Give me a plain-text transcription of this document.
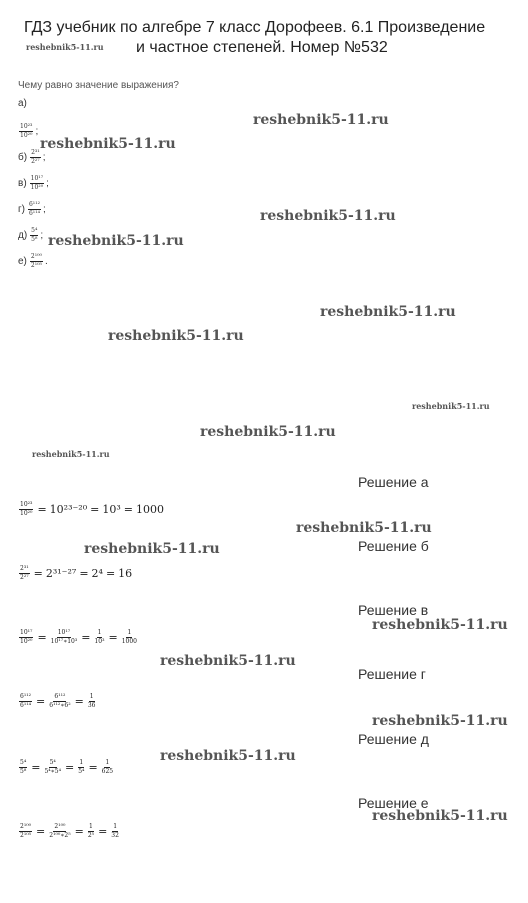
ГДЗ учебник по алгебре 7 класс Дорофеев. 6.1 Произведение
и частное степеней. Номер №532
Чему равно значение выражения?
а)
$\frac{\text{10²³}}{\text{10²⁰}}$ ;
$б) \frac{\text{2³¹}}{\text{2²⁷}}$ ;
$в) \frac{\text{10¹⁷}}{\text{10²⁰}}$ ;
$г) \frac{\text{6¹¹²}}{\text{6¹¹⁴}}$ ;
$д) \frac{\text{5⁴}}{\text{5⁸}}$ ;
$е) \frac{\text{2¹⁰⁰}}{\text{2¹⁰⁵}}$ .
Решение а
$\frac{\text{10²³}}{\text{10²⁰}} = 10^{23-20} = 10^3 = 1000$
Решение б
$\frac{\text{2³¹}}{\text{2²⁷}} = 2^{31-27} = 2^4 = 16$
Решение в
$\frac{\text{10¹⁷}}{\text{10²⁰}} = \frac{\text{10¹⁷}}{\text{10¹⁷∗10³}} = \frac{1}{\text{10³}} = \frac{1}{1000}$
Решение г
$\frac{\text{6¹¹²}}{\text{6¹¹⁴}} = \frac{\text{6¹¹²}}{\text{6¹¹²∗6²}} = \frac{1}{36}$
Решение д
$\frac{\text{5⁴}}{\text{5⁸}} = \frac{\text{5⁴}}{\text{5⁴∗5⁴}} = \frac{1}{\text{5⁴}} = \frac{1}{625}$
Решение е
$\frac{\text{2¹⁰⁰}}{\text{2¹⁰⁵}} = \frac{\text{2¹⁰⁰}}{\text{2¹⁰⁰∗2⁵}} = \frac{1}{\text{2⁵}} = \frac{1}{32}$
reshebnik5-11.ru
reshebnik5-11.ru
reshebnik5-11.ru
reshebnik5-11.ru
reshebnik5-11.ru
reshebnik5-11.ru
reshebnik5-11.ru
reshebnik5-11.ru
reshebnik5-11.ru
reshebnik5-11.ru
reshebnik5-11.ru
reshebnik5-11.ru
reshebnik5-11.ru
reshebnik5-11.ru
reshebnik5-11.ru
reshebnik5-11.ru
reshebnik5-11.ru
